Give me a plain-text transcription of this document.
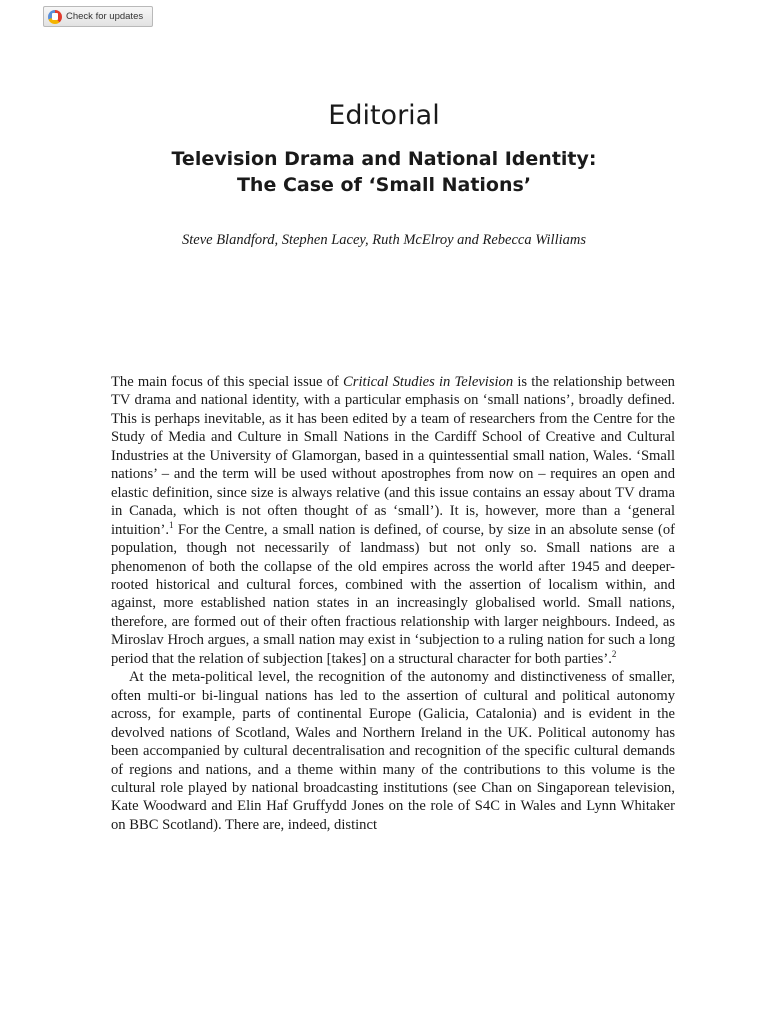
Check for updates
Editorial
Television Drama and National Identity:
The Case of ‘Small Nations’

Steve Blandford, Stephen Lacey, Ruth McElroy and Rebecca Williams

The main focus of this special issue of Critical Studies in Television is the relationship between TV drama and national identity, with a particular emphasis on ‘small nations’, broadly defined. This is perhaps inevitable, as it has been edited by a team of researchers from the Centre for the Study of Media and Culture in Small Nations in the Cardiff School of Creative and Cultural Industries at the University of Glamorgan, based in a quintessential small nation, Wales. ‘Small nations’ – and the term will be used without apostrophes from now on – requires an open and elastic definition, since size is always relative (and this issue contains an essay about TV drama in Canada, which is not often thought of as ‘small’). It is, however, more than a ‘general intuition’.$^1$ For the Centre, a small nation is defined, of course, by size in an absolute sense (of population, though not necessarily of landmass) but not only so. Small nations are a phenomenon of both the collapse of the old empires across the world after 1945 and deeper-rooted historical and cultural forces, combined with the assertion of localism within, and against, more established nation states in an increasingly globalised world. Small nations, therefore, are formed out of their often fractious relationship with larger neighbours. Indeed, as Miroslav Hroch argues, a small nation may exist in ‘subjection to a ruling nation for such a long period that the relation of subjection [takes] on a structural character for both parties’.$^2$

At the meta-political level, the recognition of the autonomy and distinctiveness of smaller, often multi-or bi-lingual nations has led to the assertion of cultural and political autonomy across, for example, parts of continental Europe (Galicia, Catalonia) and is evident in the devolved nations of Scotland, Wales and Northern Ireland in the UK. Political autonomy has been accompanied by cultural decentralisation and recognition of the specific cultural demands of regions and nations, and a theme within many of the contributions to this volume is the cultural role played by national broadcasting institutions (see Chan on Singaporean television, Kate Woodward and Elin Haf Gruffydd Jones on the role of S4C in Wales and Lynn Whitaker on BBC Scotland). There are, indeed, distinct
